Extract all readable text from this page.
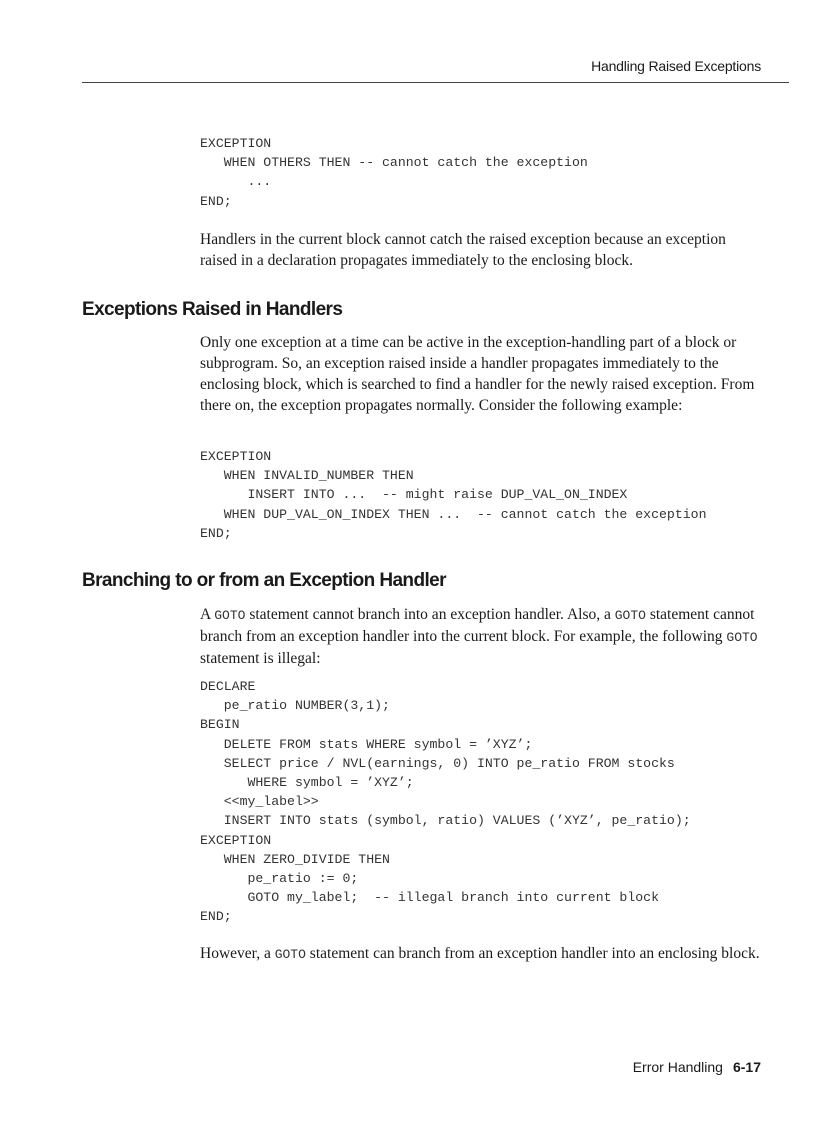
Handling Raised Exceptions
EXCEPTION
WHEN OTHERS THEN -- cannot catch the exception
...
END;

Handlers in the current block cannot catch the raised exception because an exception raised in a declaration propagates immediately to the enclosing block.

Exceptions Raised in Handlers

Only one exception at a time can be active in the exception-handling part of a block or subprogram. So, an exception raised inside a handler propagates immediately to the enclosing block, which is searched to find a handler for the newly raised exception. From there on, the exception propagates normally. Consider the following example:

EXCEPTION
WHEN INVALID_NUMBER THEN
INSERT INTO ...  -- might raise DUP_VAL_ON_INDEX
WHEN DUP_VAL_ON_INDEX THEN ...  -- cannot catch the exception
END;
Branching to or from an Exception Handler

A GOTO statement cannot branch into an exception handler. Also, a GOTO statement cannot branch from an exception handler into the current block. For example, the following GOTO statement is illegal:

DECLARE
pe_ratio NUMBER(3,1);
BEGIN
DELETE FROM stats WHERE symbol = ’XYZ’;
SELECT price / NVL(earnings, 0) INTO pe_ratio FROM stocks
WHERE symbol = ’XYZ’;
<<my_label>>
INSERT INTO stats (symbol, ratio) VALUES (’XYZ’, pe_ratio);
EXCEPTION
WHEN ZERO_DIVIDE THEN
pe_ratio := 0;
GOTO my_label;  -- illegal branch into current block
END;

However, a GOTO statement can branch from an exception handler into an enclosing block.

Error Handling 6-17
